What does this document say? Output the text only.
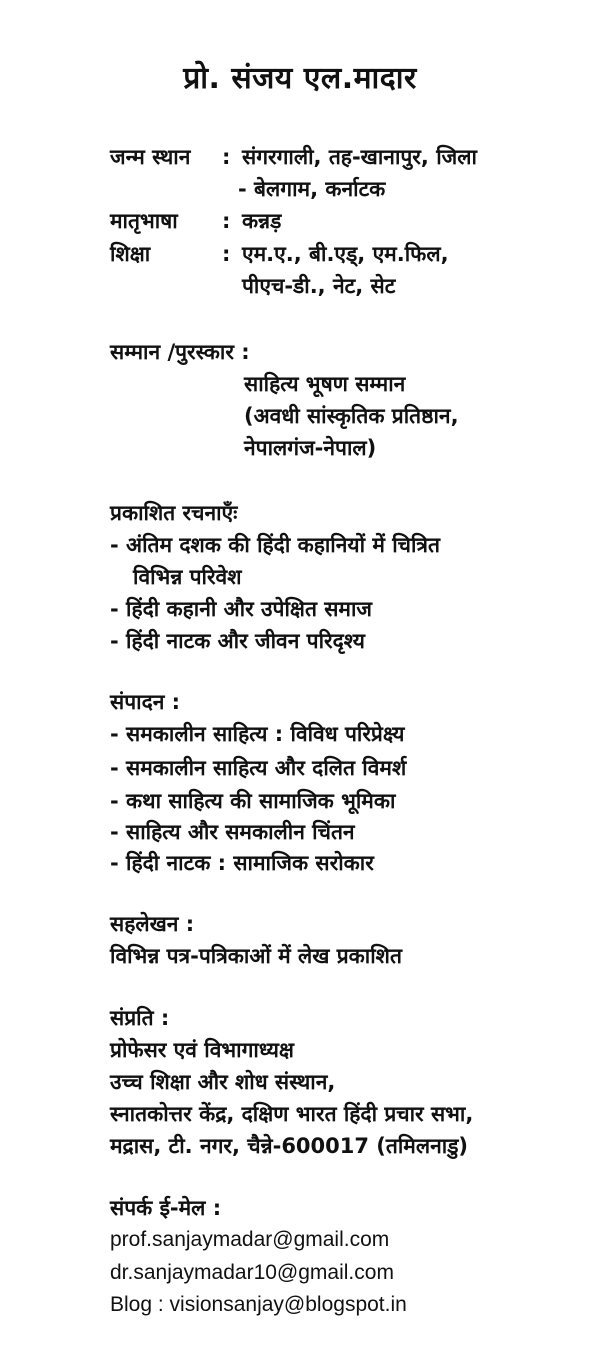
प्रो. संजय एल.मादार
जन्म स्थान : संगरगाली, तह-खानापुर, जिला
- बेलगाम, कर्नाटक
मातृभाषा : कन्नड़
शिक्षा	: एम.ए., बी.एड्, एम.फिल,
पीएच-डी., नेट, सेट
सम्मान /पुरस्कार :
साहित्य भूषण सम्मान
(अवधी सांस्कृतिक प्रतिष्ठान,
नेपालगंज-नेपाल)
प्रकाशित रचनाएँः
- अंतिम दशक की हिंदी कहानियों में चित्रित
विभिन्न परिवेश
- हिंदी कहानी और उपेक्षित समाज
- हिंदी नाटक और जीवन परिदृश्य
संपादन :
- समकालीन साहित्य : विविध परिप्रेक्ष्य
- समकालीन साहित्य और दलित विमर्श
- कथा साहित्य की सामाजिक भूमिका
- साहित्य और समकालीन चिंतन
- हिंदी नाटक : सामाजिक सरोकार
सहलेखन :
विभिन्न पत्र-पत्रिकाओं में लेख प्रकाशित
संप्रति :
प्रोफेसर एवं विभागाध्यक्ष
उच्च शिक्षा और शोध संस्थान,
स्नातकोत्तर केंद्र, दक्षिण भारत हिंदी प्रचार सभा,
मद्रास, टी. नगर, चैन्ने-600017 (तमिलनाडु)
संपर्क ई-मेल :
prof.sanjaymadar@gmail.com
dr.sanjaymadar10@gmail.com
Blog : visionsanjay@blogspot.in
